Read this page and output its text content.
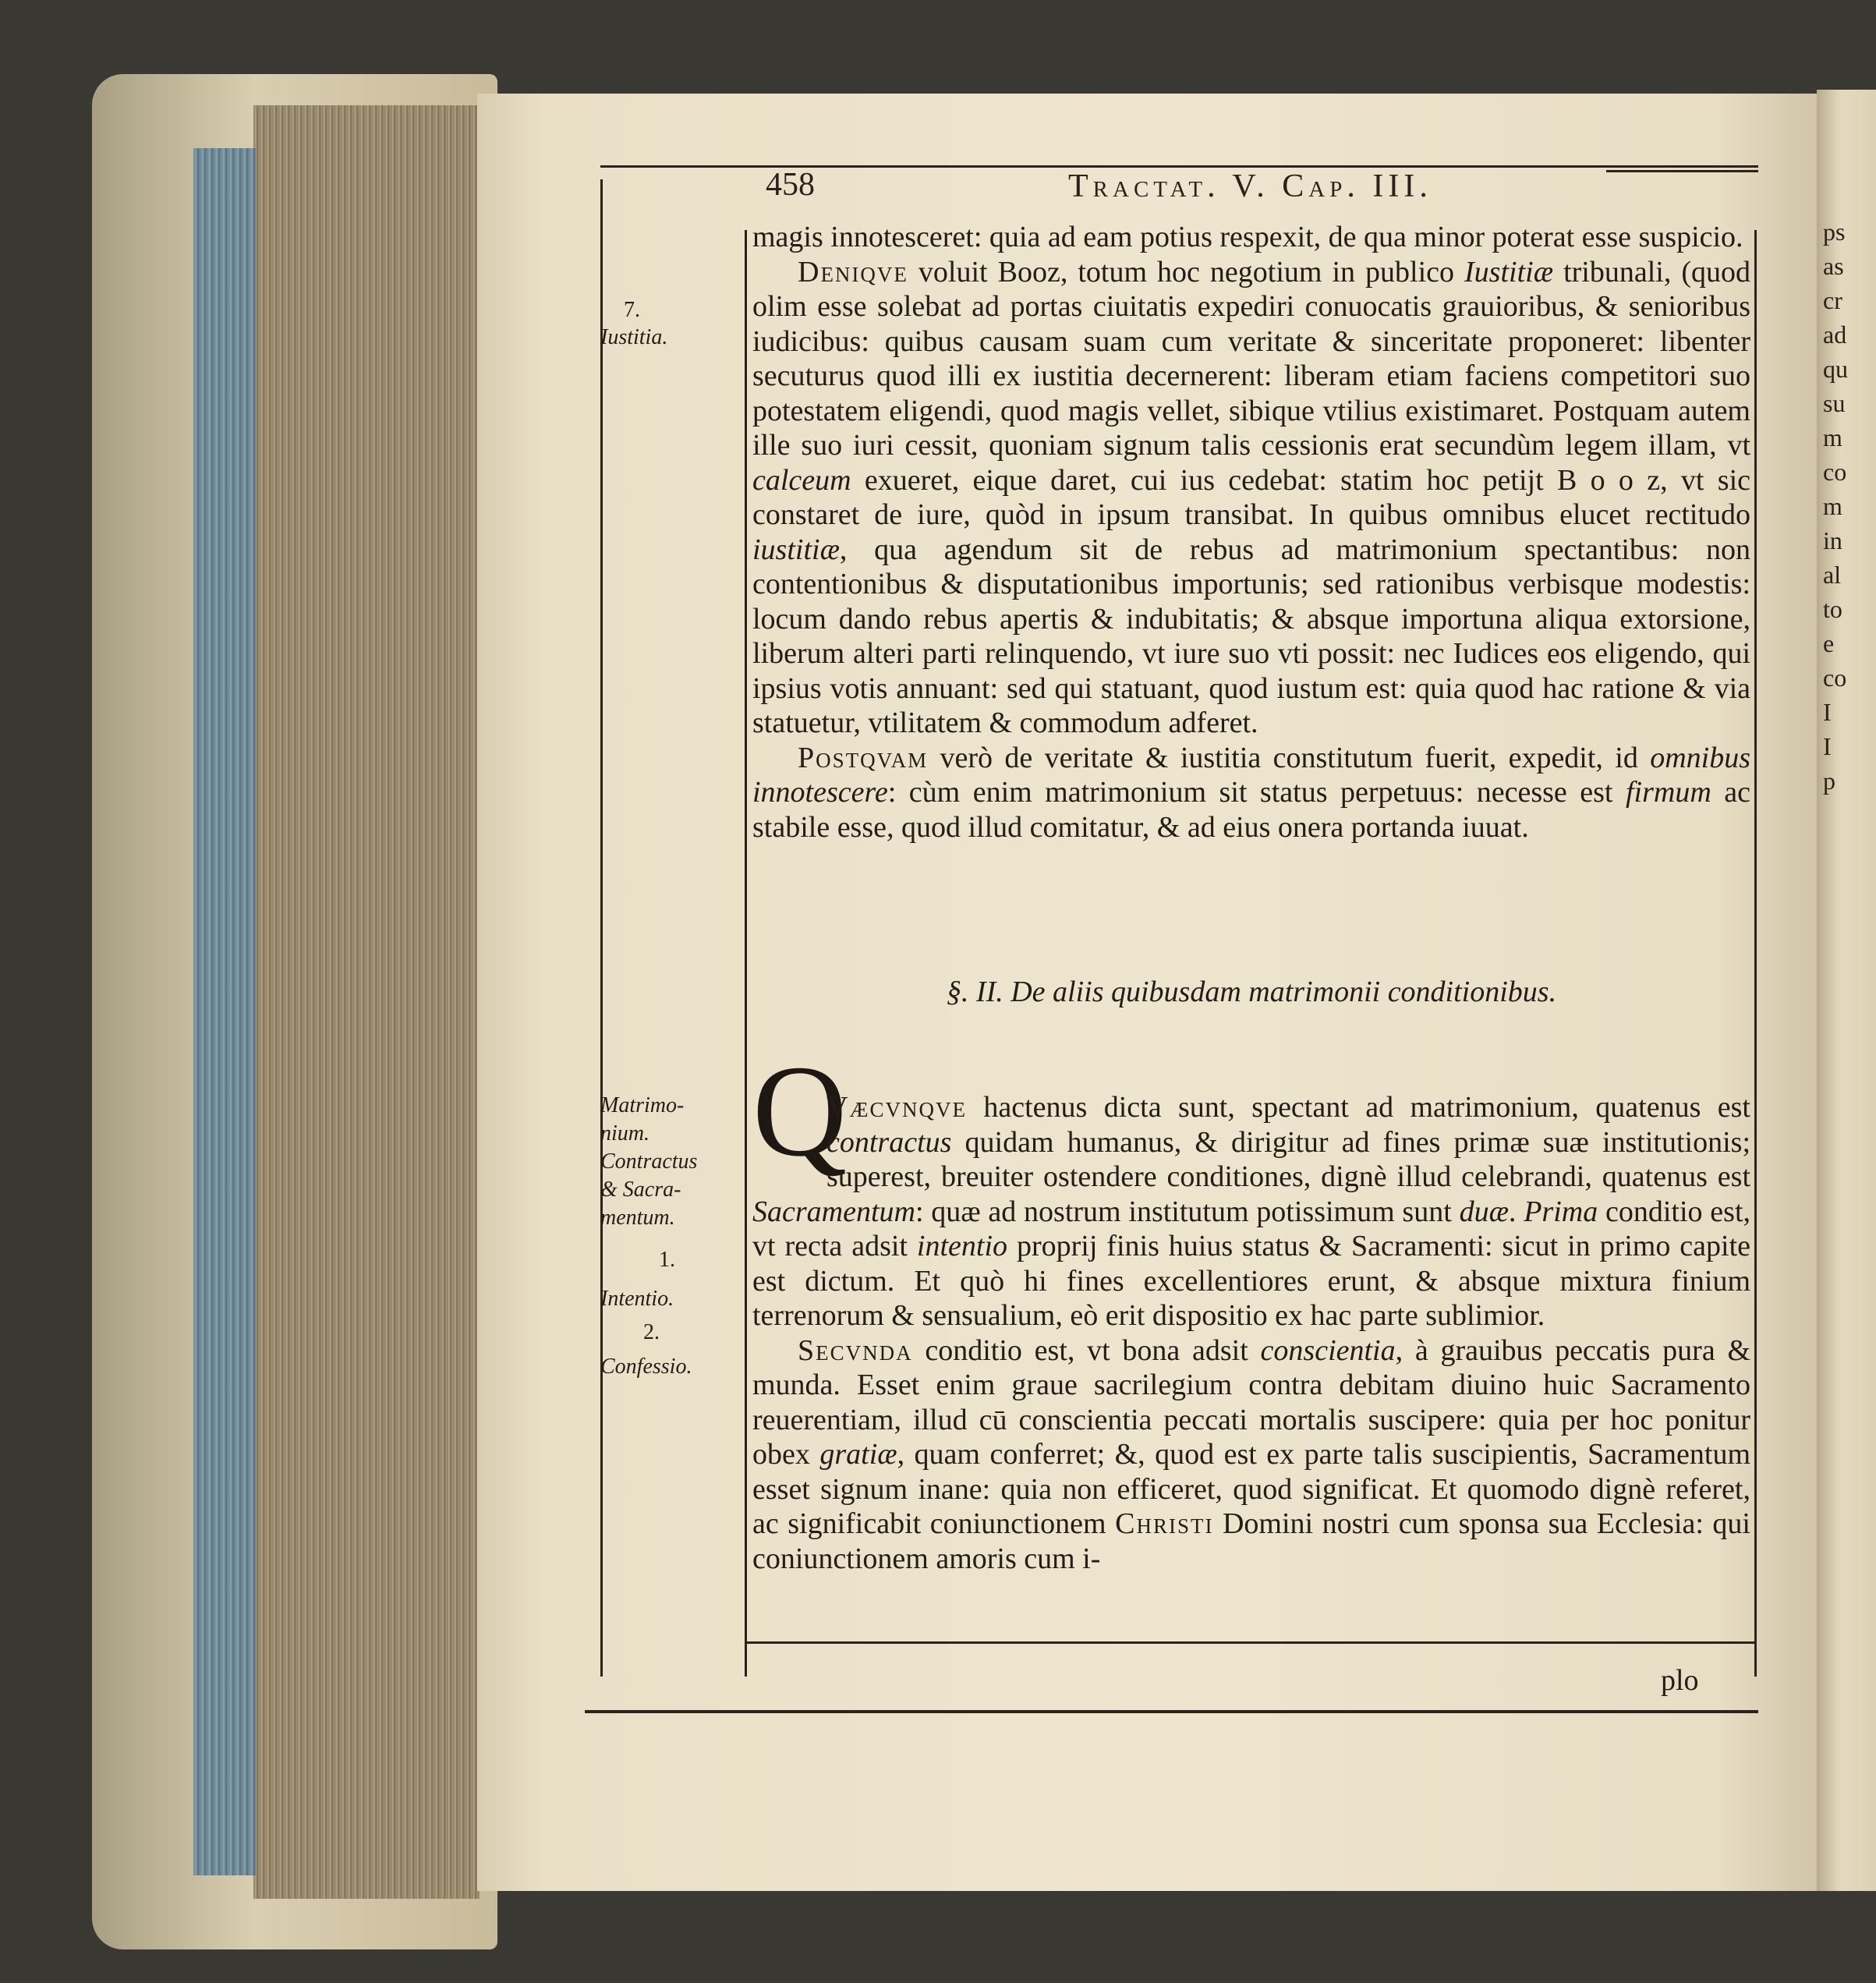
ps
as
cr
ad
qu
su
m
co
m
in
al
to
e
co
I
I
p
458	Tractat. V. Cap. III.
7.
Iustitia.
Matrimo-
nium.
Contractus
& Sacra-
mentum.
1.
Intentio.
2.
Confessio.

magis innotesceret: quia ad eam potius respexit, de qua minor poterat esse suspicio.

Deniqve voluit Booz, totum hoc negotium in publico Iustitiæ tribunali, (quod olim esse solebat ad portas ciuitatis expediri conuocatis grauioribus, & senioribus iudicibus: quibus causam suam cum veritate & sinceritate proponeret: libenter secuturus quod illi ex iustitia decernerent: liberam etiam faciens competitori suo potestatem eligendi, quod magis vellet, sibique vtilius existimaret. Postquam autem ille suo iuri cessit, quoniam signum talis cessionis erat secundùm legem illam, vt calceum exueret, eique daret, cui ius cedebat: statim hoc petijt B o o z, vt sic constaret de iure, quòd in ipsum transibat. In quibus omnibus elucet rectitudo iustitiæ, qua agendum sit de rebus ad matrimonium spectantibus: non contentionibus & disputationibus importunis; sed rationibus verbisque modestis: locum dando rebus apertis & indubitatis; & absque importuna aliqua extorsione, liberum alteri parti relinquendo, vt iure suo vti possit: nec Iudices eos eligendo, qui ipsius votis annuant: sed qui statuant, quod iustum est: quia quod hac ratione & via statuetur, vtilitatem & commodum adferet.

Postqvam verò de veritate & iustitia constitutum fuerit, expedit, id omnibus innotescere: cùm enim matrimonium sit status perpetuus: necesse est firmum ac stabile esse, quod illud comitatur, & ad eius onera portanda iuuat.

§. II. De aliis quibusdam matrimonii conditionibus.
Q

Væcvnqve hactenus dicta sunt, spectant ad matrimonium, quatenus est contractus quidam humanus, & dirigitur ad fines primæ suæ institutionis; superest, breuiter ostendere conditiones, dignè illud celebrandi, quatenus est Sacramentum: quæ ad nostrum institutum potissimum sunt duæ. Prima conditio est, vt recta adsit intentio proprij finis huius status & Sacramenti: sicut in primo capite est dictum. Et quò hi fines excellentiores erunt, & absque mixtura finium terrenorum & sensualium, eò erit dispositio ex hac parte sublimior.

Secvnda conditio est, vt bona adsit conscientia, à grauibus peccatis pura & munda. Esset enim graue sacrilegium contra debitam diuino huic Sacramento reuerentiam, illud cū conscientia peccati mortalis suscipere: quia per hoc ponitur obex gratiæ, quam conferret; &, quod est ex parte talis suscipientis, Sacramentum esset signum inane: quia non efficeret, quod significat. Et quomodo dignè referet, ac significabit coniunctionem Christi Domini nostri cum sponsa sua Ecclesia: qui coniunctionem amoris cum i-

plo
